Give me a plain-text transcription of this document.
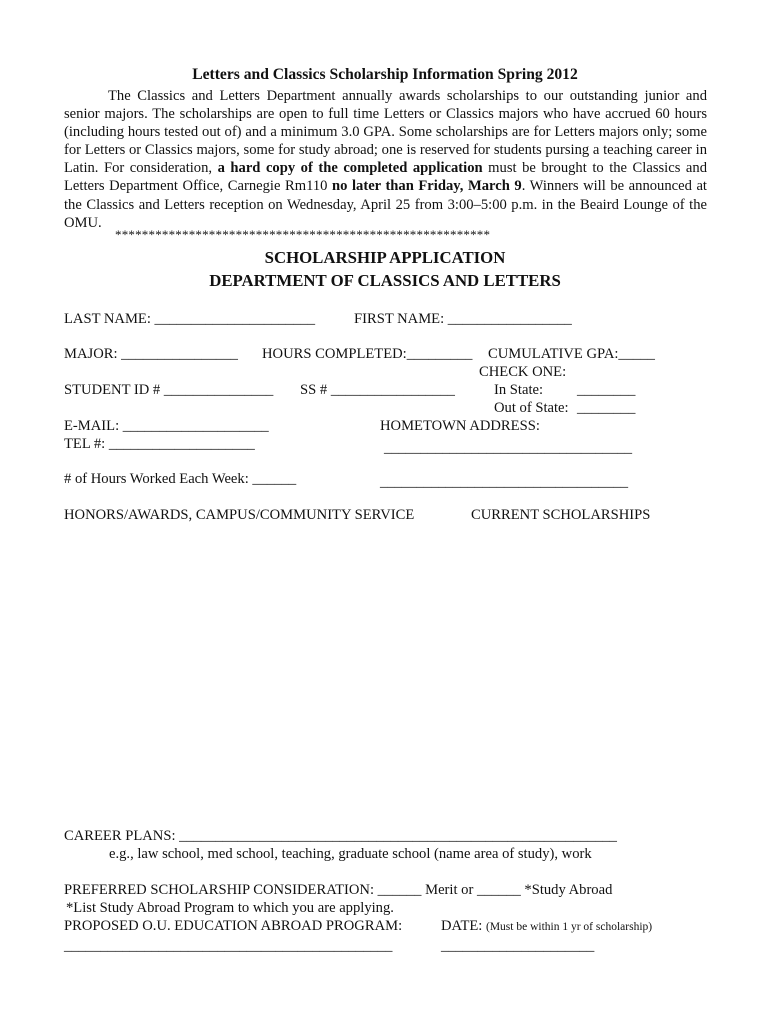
Letters and Classics Scholarship Information Spring 2012

The Classics and Letters Department annually awards scholarships to our outstanding junior and senior majors. The scholarships are open to full time Letters or Classics majors who have accrued 60 hours (including hours tested out of) and a minimum 3.0 GPA. Some scholarships are for Letters majors only; some for Letters or Classics majors, some for study abroad; one is reserved for students pursing a teaching career in Latin. For consideration, a hard copy of the completed application must be brought to the Classics and Letters Department Office, Carnegie Rm110 no later than Friday, March 9. Winners will be announced at the Classics and Letters reception on Wednesday, April 25 from 3:00–5:00 p.m. in the Beaird Lounge of the OMU.

********************************************************
SCHOLARSHIP APPLICATION
DEPARTMENT OF CLASSICS AND LETTERS
LAST NAME: ______________________	FIRST NAME: _________________
MAJOR: ________________ HOURS COMPLETED:_________ CUMULATIVE GPA:_____
CHECK ONE:
STUDENT ID # _______________ SS # _________________	In State: ________
Out of State: ________
E-MAIL: ____________________	HOMETOWN ADDRESS:
TEL #: ____________________	__________________________________
# of Hours Worked Each Week: ______	__________________________________
HONORS/AWARDS, CAMPUS/COMMUNITY SERVICE	CURRENT SCHOLARSHIPS
CAREER PLANS: ____________________________________________________________
e.g., law school, med school, teaching, graduate school (name area of study), work
PREFERRED SCHOLARSHIP CONSIDERATION: ______ Merit or ______ *Study Abroad
*List Study Abroad Program to which you are applying.
PROPOSED O.U. EDUCATION ABROAD PROGRAM:	DATE: (Must be within 1 yr of scholarship)
_____________________________________________	_____________________
